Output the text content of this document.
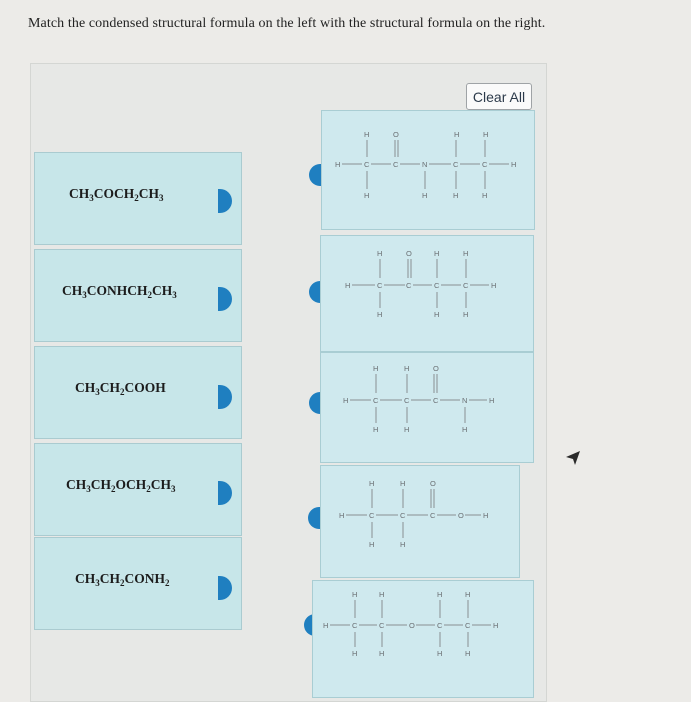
Match the condensed structural formula on the left with the structural formula on the right.
Clear All
$CH_3COCH_2CH_3$
$CH_3CONHCH_2CH_3$
$CH_3CH_2COOH$
$CH_3CH_2OCH_2CH_3$
$CH_3CH_2CONH_2$
H	O	H	H
H	C	C	N	C	C	H
H	H	H	H
H	O	H	H
H	C	C	C	C	H
H	H	H
H	H	O
H	C	C	C	N	H
H	H	H
H	H	O
H	C	C	C	O	H
H	H
H	H	H	H
H	C	C	O	C	C	H
H	H	H	H
